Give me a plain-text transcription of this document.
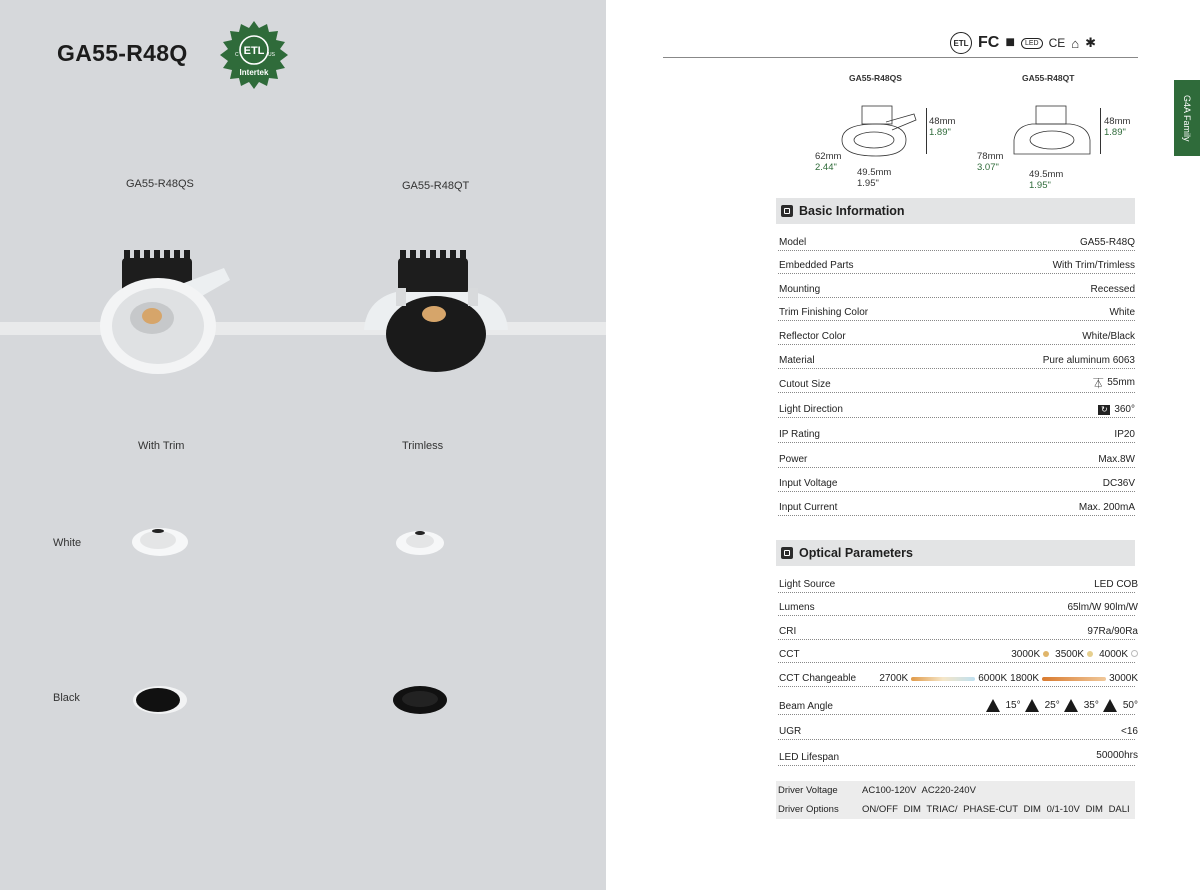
GA55-R48Q	ETL
C	US
Intertek
GA55-R48QS	GA55-R48QT
With Trim	Trimless
White
Black
ETL FC ■	LED CE ⌂ ✱
G4A Family
GA55-R48QS	GA55-R48QT
48mm
1.89"
48mm
1.89"
62mm
2.44"
78mm
3.07"
49.5mm
1.95"
49.5mm
1.95"
Basic Information
Model	GA55-R48Q
Embedded Parts	With Trim/Trimless
Mounting	Recessed
Trim Finishing Color	White
Reflector Color	White/Black
Material	Pure aluminum 6063
Cutout Size	⏄ 55mm
Light Direction	↻ 360°
IP Rating	IP20
Power	Max.8W
Input Voltage	DC36V
Input Current	Max. 200mA
Optical Parameters
Light Source	LED COB
Lumens	65lm/W 90lm/W
CRI	97Ra/90Ra
CCT	3000K	3500K	4000K
CCT Changeable 2700K	6000K 1800K	3000K
Beam Angle	15° 25° 35° 50°
UGR	<16
LED Lifespan	50000hrs
Driver Voltage	AC100-120V AC220-240V
Driver Options ON/OFF DIM TRIAC/ PHASE-CUT DIM 0/1-10V DIM DALI
